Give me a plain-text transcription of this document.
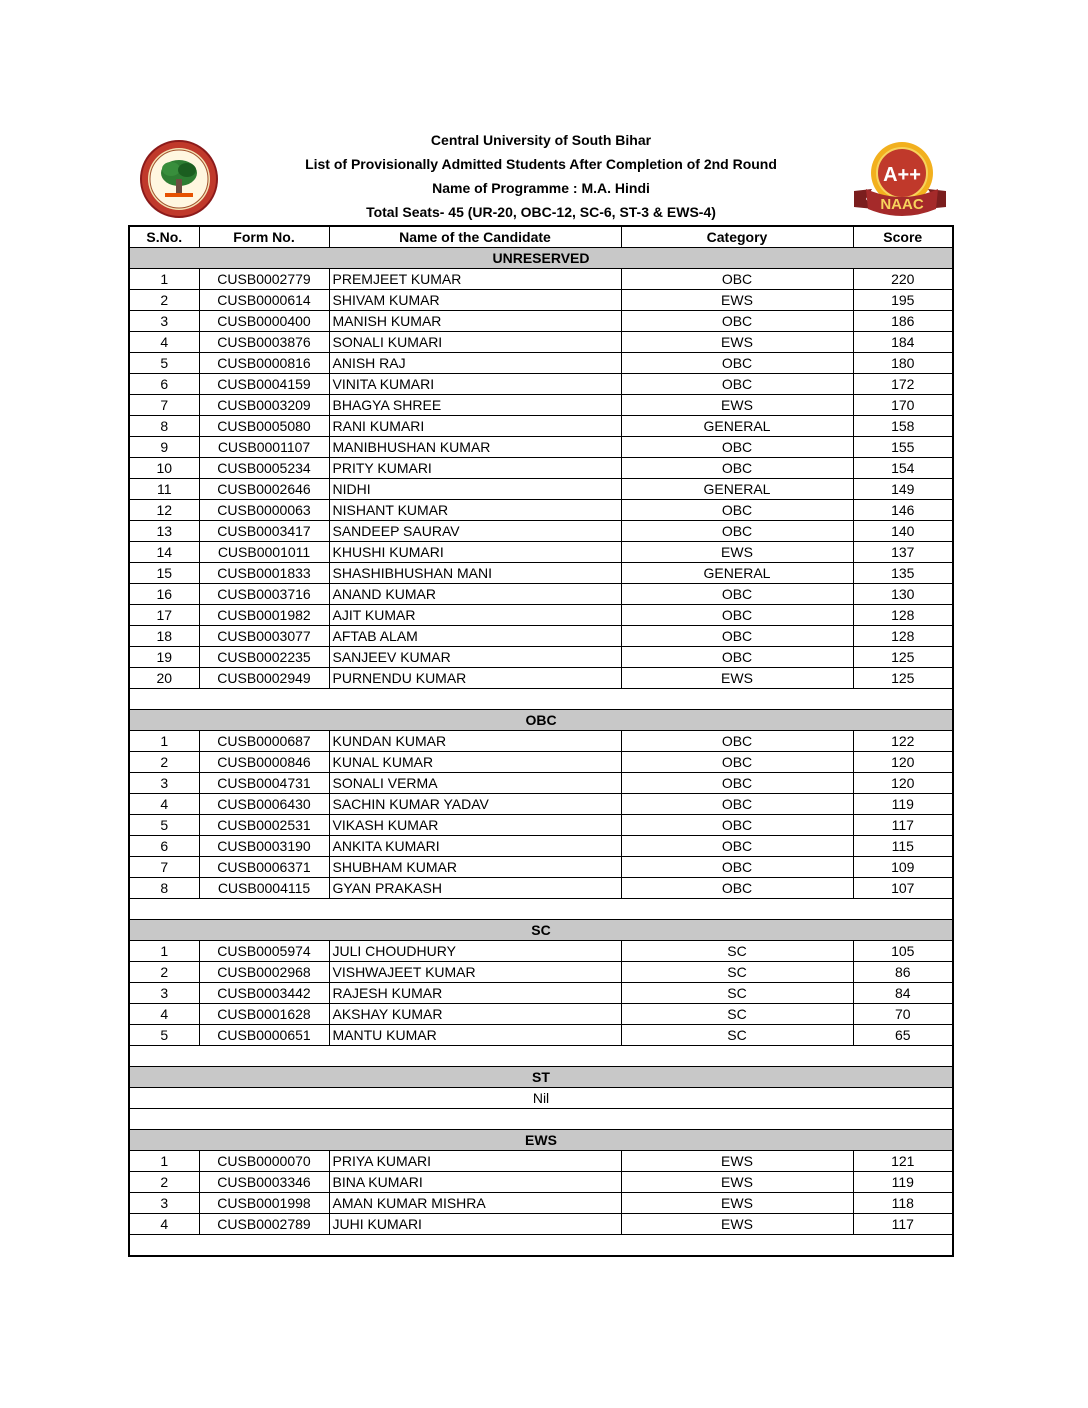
A++
NAAC
Central University of South Bihar
List of Provisionally Admitted Students After Completion of 2nd Round
Name of Programme : M.A. Hindi
Total Seats- 45 (UR-20, OBC-12, SC-6, ST-3 & EWS-4)
S.No.	Form No.	Name of the Candidate	Category	Score
UNRESERVED				
1	CUSB0002779	PREMJEET KUMAR	OBC	220
2	CUSB0000614	SHIVAM KUMAR	EWS	195
3	CUSB0000400	MANISH KUMAR	OBC	186
4	CUSB0003876	SONALI KUMARI	EWS	184
5	CUSB0000816	ANISH RAJ	OBC	180
6	CUSB0004159	VINITA KUMARI	OBC	172
7	CUSB0003209	BHAGYA SHREE	EWS	170
8	CUSB0005080	RANI KUMARI	GENERAL	158
9	CUSB0001107	MANIBHUSHAN KUMAR	OBC	155
10	CUSB0005234	PRITY KUMARI	OBC	154
11	CUSB0002646	NIDHI	GENERAL	149
12	CUSB0000063	NISHANT KUMAR	OBC	146
13	CUSB0003417	SANDEEP SAURAV	OBC	140
14	CUSB0001011	KHUSHI KUMARI	EWS	137
15	CUSB0001833	SHASHIBHUSHAN MANI	GENERAL	135
16	CUSB0003716	ANAND KUMAR	OBC	130
17	CUSB0001982	AJIT KUMAR	OBC	128
18	CUSB0003077	AFTAB ALAM	OBC	128
19	CUSB0002235	SANJEEV KUMAR	OBC	125
20	CUSB0002949	PURNENDU KUMAR	EWS	125

OBC				
1	CUSB0000687	KUNDAN KUMAR	OBC	122
2	CUSB0000846	KUNAL KUMAR	OBC	120
3	CUSB0004731	SONALI VERMA	OBC	120
4	CUSB0006430	SACHIN KUMAR YADAV	OBC	119
5	CUSB0002531	VIKASH KUMAR	OBC	117
6	CUSB0003190	ANKITA KUMARI	OBC	115
7	CUSB0006371	SHUBHAM KUMAR	OBC	109
8	CUSB0004115	GYAN PRAKASH	OBC	107

SC				
1	CUSB0005974	JULI CHOUDHURY	SC	105
2	CUSB0002968	VISHWAJEET KUMAR	SC	86
3	CUSB0003442	RAJESH KUMAR	SC	84
4	CUSB0001628	AKSHAY KUMAR	SC	70
5	CUSB0000651	MANTU KUMAR	SC	65

ST				
Nil				

EWS				
1	CUSB0000070	PRIYA KUMARI	EWS	121
2	CUSB0003346	BINA KUMARI	EWS	119
3	CUSB0001998	AMAN KUMAR MISHRA	EWS	118
4	CUSB0002789	JUHI KUMARI	EWS	117
